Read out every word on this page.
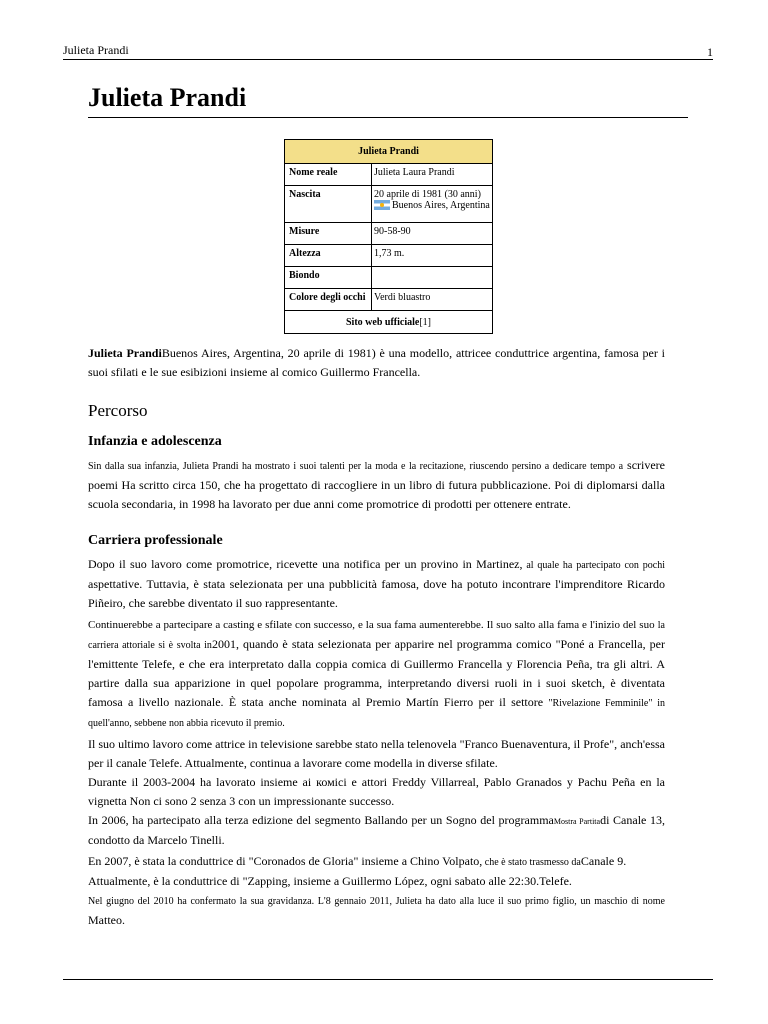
Julieta Prandi	1
Julieta Prandi
Julieta Prandi	
Nome reale	Julieta Laura Prandi
Nascita	20 aprile di 1981 (30 anni)
Buenos Aires, Argentina

Misure	90-58-90
Altezza	1,73 m.
Biondo	
Colore degli occhi	Verdi bluastro
Sito web ufficiale[1]	

Julieta PrandiBuenos Aires, Argentina, 20 aprile di 1981) è una modello, attricee conduttrice argentina, famosa per i suoi sfilati e le sue esibizioni insieme al comico Guillermo Francella.

Percorso
Infanzia e adolescenza

Sin dalla sua infanzia, Julieta Prandi ha mostrato i suoi talenti per la moda e la recitazione, riuscendo persino a dedicare tempo a scrivere poemi Ha scritto circa 150, che ha progettato di raccogliere in un libro di futura pubblicazione. Poi di diplomarsi dalla scuola secondaria, in 1998 ha lavorato per due anni come promotrice di prodotti per ottenere entrate.

Carriera professionale

Dopo il suo lavoro come promotrice, ricevette una notifica per un provino in Martinez, al quale ha partecipato con pochi aspettative. Tuttavia, è stata selezionata per una pubblicità famosa, dove ha potuto incontrare l'imprenditore Ricardo Piñeiro, che sarebbe diventato il suo rappresentante.

Continuerebbe a partecipare a casting e sfilate con successo, e la sua fama aumenterebbe. Il suo salto alla fama e l'inizio del suo la carriera attoriale si è svolta in2001, quando è stata selezionata per apparire nel programma comico "Poné a Francella, per l'emittente Telefe, e che era interpretato dalla coppia comica di Guillermo Francella y Florencia Peña, tra gli altri. A partire dalla sua apparizione in quel popolare programma, interpretando diversi ruoli in i suoi sketch, è diventata famosa a livello nazionale. È stata anche nominata al Premio Martín Fierro per il settore "Rivelazione Femminile" in quell'anno, sebbene non abbia ricevuto il premio.

Il suo ultimo lavoro come attrice in televisione sarebbe stato nella telenovela "Franco Buenaventura, il Profe", anch'essa per il canale Telefe. Attualmente, continua a lavorare come modella in diverse sfilate.

Durante il 2003-2004 ha lavorato insieme ai комici e attori Freddy Villarreal, Pablo Granados y Pachu Peña en la vignetta Non ci sono 2 senza 3 con un impressionante successo.

In 2006, ha partecipato alla terza edizione del segmento Ballando per un Sogno del programmaMostra Partitadi Canale 13, condotto da Marcelo Tinelli.

En 2007, è stata la conduttrice di "Coronados de Gloria" insieme a Chino Volpato, che è stato trasmesso daCanale 9.

Attualmente, è la conduttrice di "Zapping, insieme a Guillermo López, ogni sabato alle 22:30.Telefe.

Nel giugno del 2010 ha confermato la sua gravidanza. L'8 gennaio 2011, Julieta ha dato alla luce il suo primo figlio, un maschio di nome Matteo.
